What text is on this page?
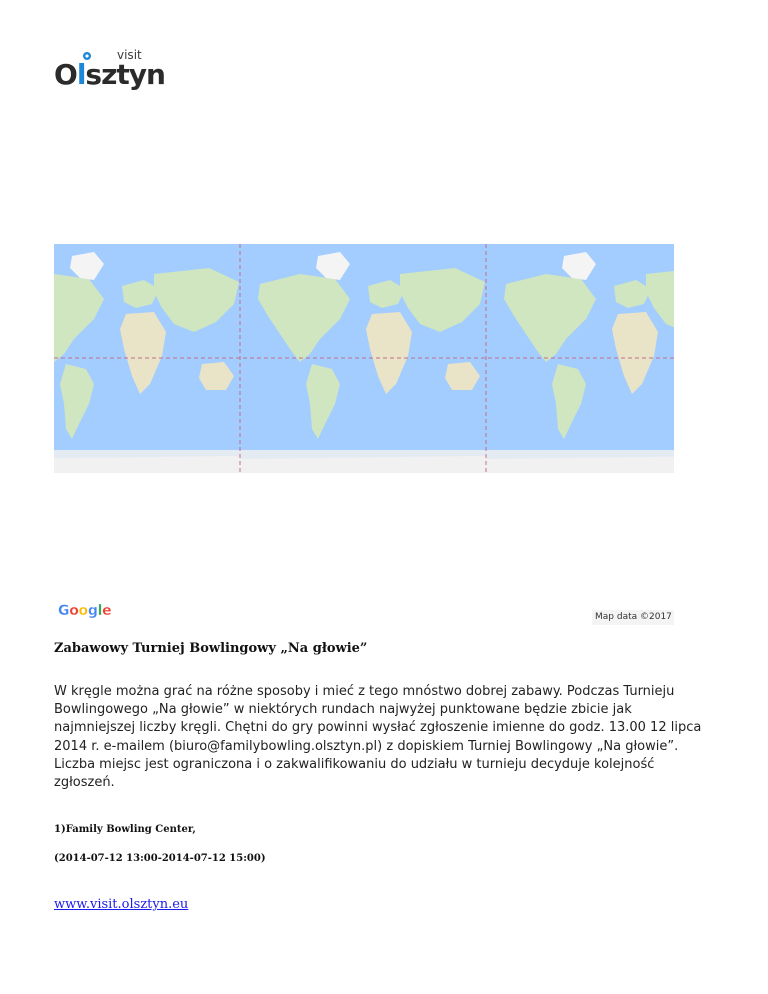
visit
Olsztyn
Google	Map data ©2017
Zabawowy Turniej Bowlingowy „Na głowie”
W kręgle można grać na różne sposoby i mieć z tego mnóstwo dobrej zabawy. Podczas Turnieju Bowlingowego „Na głowie” w niektórych rundach najwyżej punktowane będzie zbicie jak najmniejszej liczby kręgli. Chętni do gry powinni wysłać zgłoszenie imienne do godz. 13.00 12 lipca 2014 r. e-mailem (biuro@familybowling.olsztyn.pl) z dopiskiem Turniej Bowlingowy „Na głowie”. Liczba miejsc jest ograniczona i o zakwalifikowaniu do udziału w turnieju decyduje kolejność zgłoszeń.
1)Family Bowling Center,
(2014-07-12 13:00-2014-07-12 15:00)
www.visit.olsztyn.eu
